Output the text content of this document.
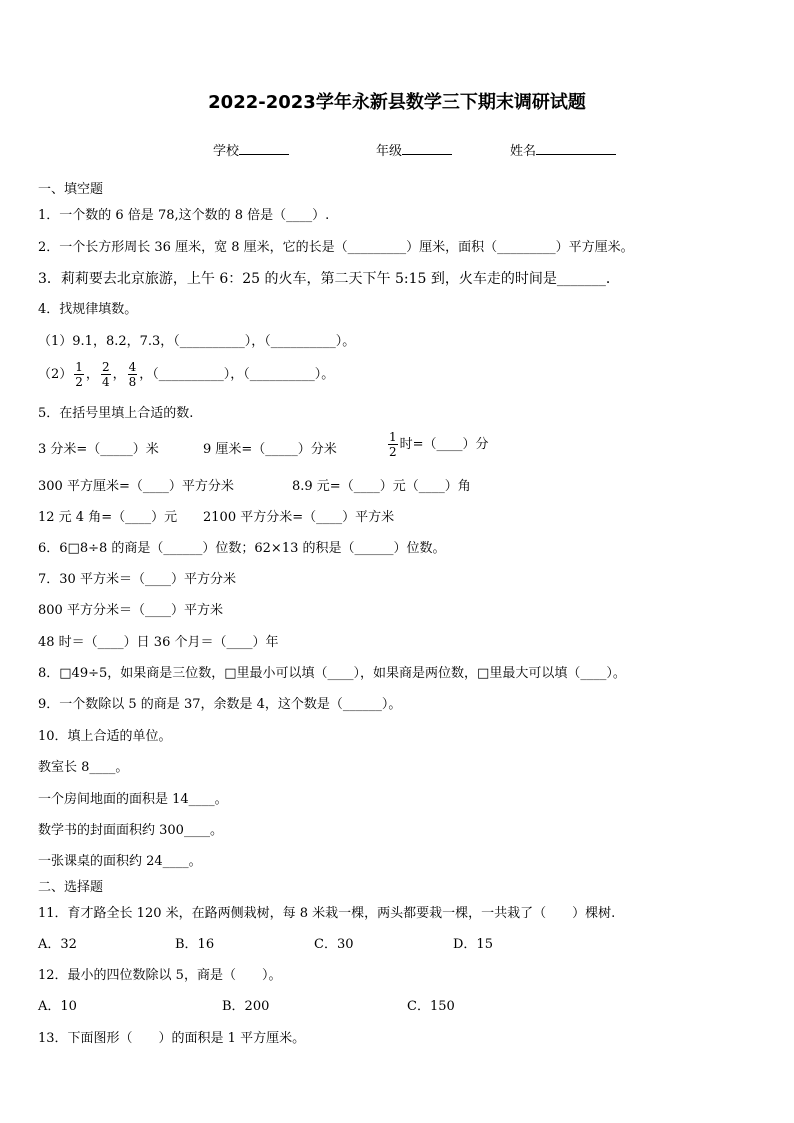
2022-2023学年永新县数学三下期末调研试题
学校	年级	姓名
一、填空题
1．一个数的 6 倍是 78,这个数的 8 倍是（____）.
2．一个长方形周长 36 厘米，宽 8 厘米，它的长是（_________）厘米，面积（_________）平方厘米。
3．莉莉要去北京旅游，上午 6：25 的火车，第二天下午 5:15 到，火车走的时间是_______．
4．找规律填数。
（1）9.1，8.2，7.3，（__________），（__________）。
$(2) \frac{1}{2}$ ， $\frac{2}{4}$ ， $\frac{4}{8}$ ，（__________），（__________）。
5．在括号里填上合适的数.
3 分米=（_____）米	9 厘米=（_____）分米	$\frac{1}{2}$ 时=（____）分
300 平方厘米=（____）平方分米	8.9 元=（____）元（____）角
12 元 4 角=（____）元 2100 平方分米=（____）平方米
6．6□8÷8 的商是（______）位数；62×13 的积是（______）位数。
7．30 平方米＝（____）平方分米
800 平方分米＝（____）平方米
48 时＝（____）日 36 个月＝（____）年
8．□49÷5，如果商是三位数，□里最小可以填（____），如果商是两位数，□里最大可以填（____）。
9．一个数除以 5 的商是 37，余数是 4，这个数是（______）。
10．填上合适的单位。
教室长 8____。
一个房间地面的面积是 14____。
数学书的封面面积约 300____。
一张课桌的面积约 24____。
二、选择题
11．育才路全长 120 米，在路两侧栽树，每 8 米栽一棵，两头都要栽一棵，一共栽了（　　）棵树.
A．32	B．16	C．30	D．15
12．最小的四位数除以 5，商是（　　）。
A．10	B．200	C．150
13．下面图形（　　）的面积是 1 平方厘米。
